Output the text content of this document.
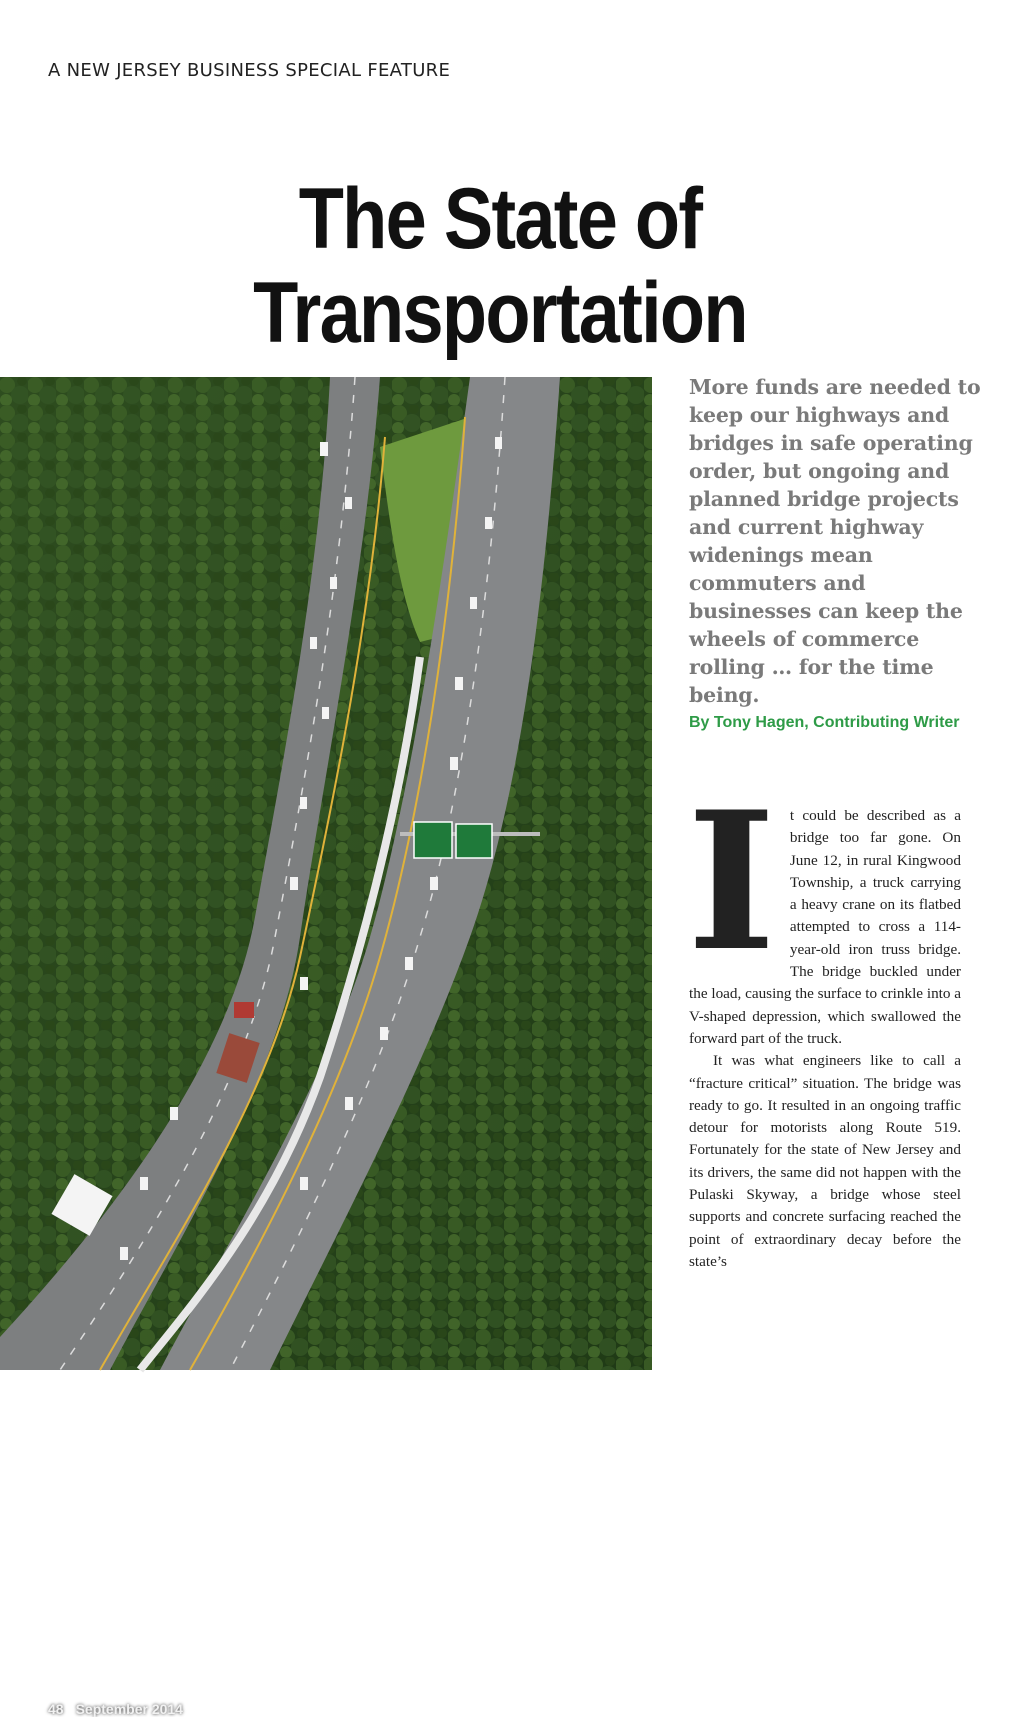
A NEW JERSEY BUSINESS SPECIAL FEATURE
The State of
Transportation
48 September 2014
More funds are needed to keep our highways and bridges in safe operating order, but ongoing and planned bridge projects and current highway widenings mean commuters and businesses can keep the wheels of commerce rolling … for the time being.
By Tony Hagen, Contributing Writer

It could be described as a bridge too far gone. On June 12, in rural Kingwood Township, a truck carrying a heavy crane on its flatbed attempted to cross a 114-year-old iron truss bridge. The bridge buckled under the load, causing the surface to crinkle into a V-shaped depression, which swallowed the forward part of the truck.

It was what engineers like to call a “fracture critical” situation. The bridge was ready to go. It resulted in an ongoing traffic detour for motorists along Route 519. Fortunately for the state of New Jersey and its drivers, the same did not happen with the Pulaski Skyway, a bridge whose steel supports and concrete surfacing reached the point of extraordinary decay before the state’s
